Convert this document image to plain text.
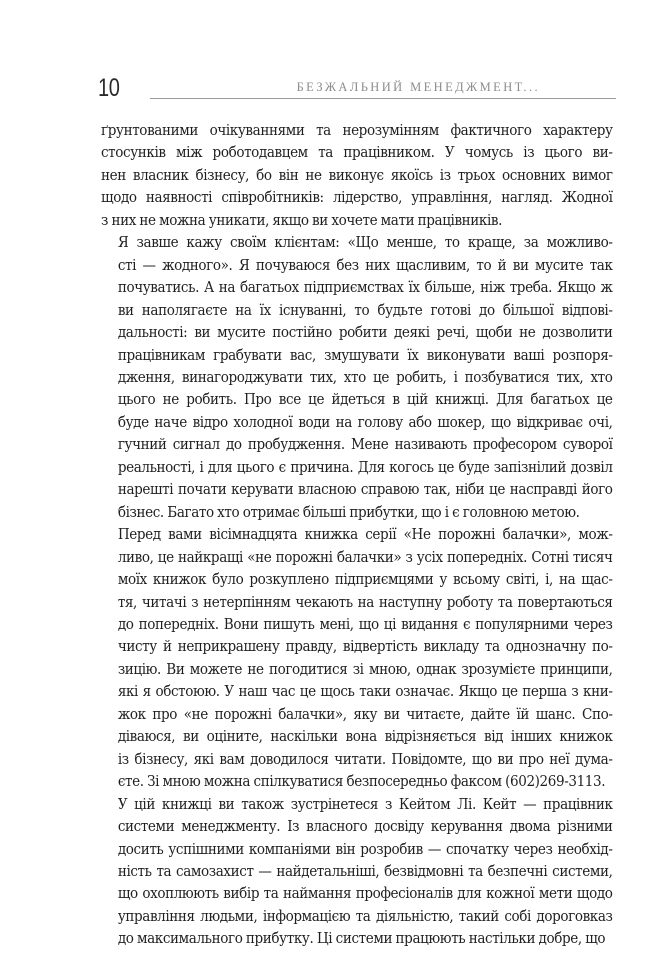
10	БЕЗЖАЛЬНИЙ МЕНЕДЖМЕНТ...
ґрунтованими очікуваннями та нерозумінням фактичного характеру
стосунків між роботодавцем та працівником. У чомусь із цього ви-
нен власник бізнесу, бо він не виконує якоїсь із трьох основних вимог
щодо наявності співробітників: лідерство, управління, нагляд. Жодної
з них не можна уникати, якщо ви хочете мати працівників.
Я завше кажу своїм клієнтам: «Що менше, то краще, за можливо-
сті — жодного». Я почуваюся без них щасливим, то й ви мусите так
почуватись. А на багатьох підприємствах їх більше, ніж треба. Якщо ж
ви наполягаєте на їх існуванні, то будьте готові до більшої відпові-
дальності: ви мусите постійно робити деякі речі, щоби не дозволити
працівникам грабувати вас, змушувати їх виконувати ваші розпоря-
дження, винагороджувати тих, хто це робить, і позбуватися тих, хто
цього не робить. Про все це йдеться в цій книжці. Для багатьох це
буде наче відро холодної води на голову або шокер, що відкриває очі,
гучний сигнал до пробудження. Мене називають професором суворої
реальності, і для цього є причина. Для когось це буде запізнілий дозвіл
нарешті почати керувати власною справою так, ніби це насправді його
бізнес. Багато хто отримає більші прибутки, що і є головною метою.
Перед вами вісімнадцята книжка серії «Не порожні балачки», мож-
ливо, це найкращі «не порожні балачки» з усіх попередніх. Сотні тисяч
моїх книжок було розкуплено підприємцями у всьому світі, і, на щас-
тя, читачі з нетерпінням чекають на наступну роботу та повертаються
до попередніх. Вони пишуть мені, що ці видання є популярними через
чисту й неприкрашену правду, відвертість викладу та однозначну по-
зицію. Ви можете не погодитися зі мною, однак зрозумієте принципи,
які я обстоюю. У наш час це щось таки означає. Якщо це перша з кни-
жок про «не порожні балачки», яку ви читаєте, дайте їй шанс. Спо-
діваюся, ви оціните, наскільки вона відрізняється від інших книжок
із бізнесу, які вам доводилося читати. Повідомте, що ви про неї дума-
єте. Зі мною можна спілкуватися безпосередньо факсом (602)269-3113.
У цій книжці ви також зустрінетеся з Кейтом Лі. Кейт — працівник
системи менеджменту. Із власного досвіду керування двома різними
досить успішними компаніями він розробив — спочатку через необхід-
ність та самозахист — найдетальніші, безвідмовні та безпечні системи,
що охоплюють вибір та наймання професіоналів для кожної мети щодо
управління людьми, інформацією та діяльністю, такий собі дороговказ
до максимального прибутку. Ці системи працюють настільки добре, що
